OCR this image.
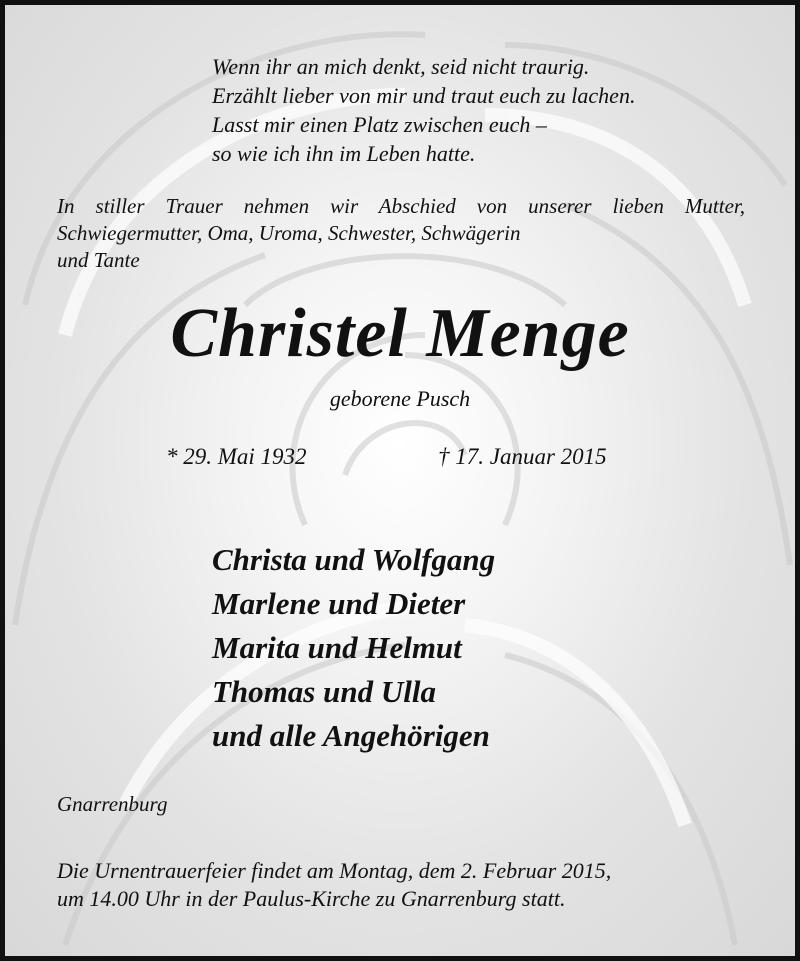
Wenn ihr an mich denkt, seid nicht traurig.
Erzählt lieber von mir und traut euch zu lachen.
Lasst mir einen Platz zwischen euch –
so wie ich ihn im Leben hatte.
In stiller Trauer nehmen wir Abschied von unserer lieben Mutter, Schwiegermutter, Oma, Uroma, Schwester, Schwägerin
und Tante
Christel Menge
geborene Pusch
* 29. Mai 1932	† 17. Januar 2015
Christa und Wolfgang
Marlene und Dieter
Marita und Helmut
Thomas und Ulla
und alle Angehörigen
Gnarrenburg
Die Urnentrauerfeier findet am Montag, dem 2. Februar 2015,
um 14.00 Uhr in der Paulus-Kirche zu Gnarrenburg statt.
